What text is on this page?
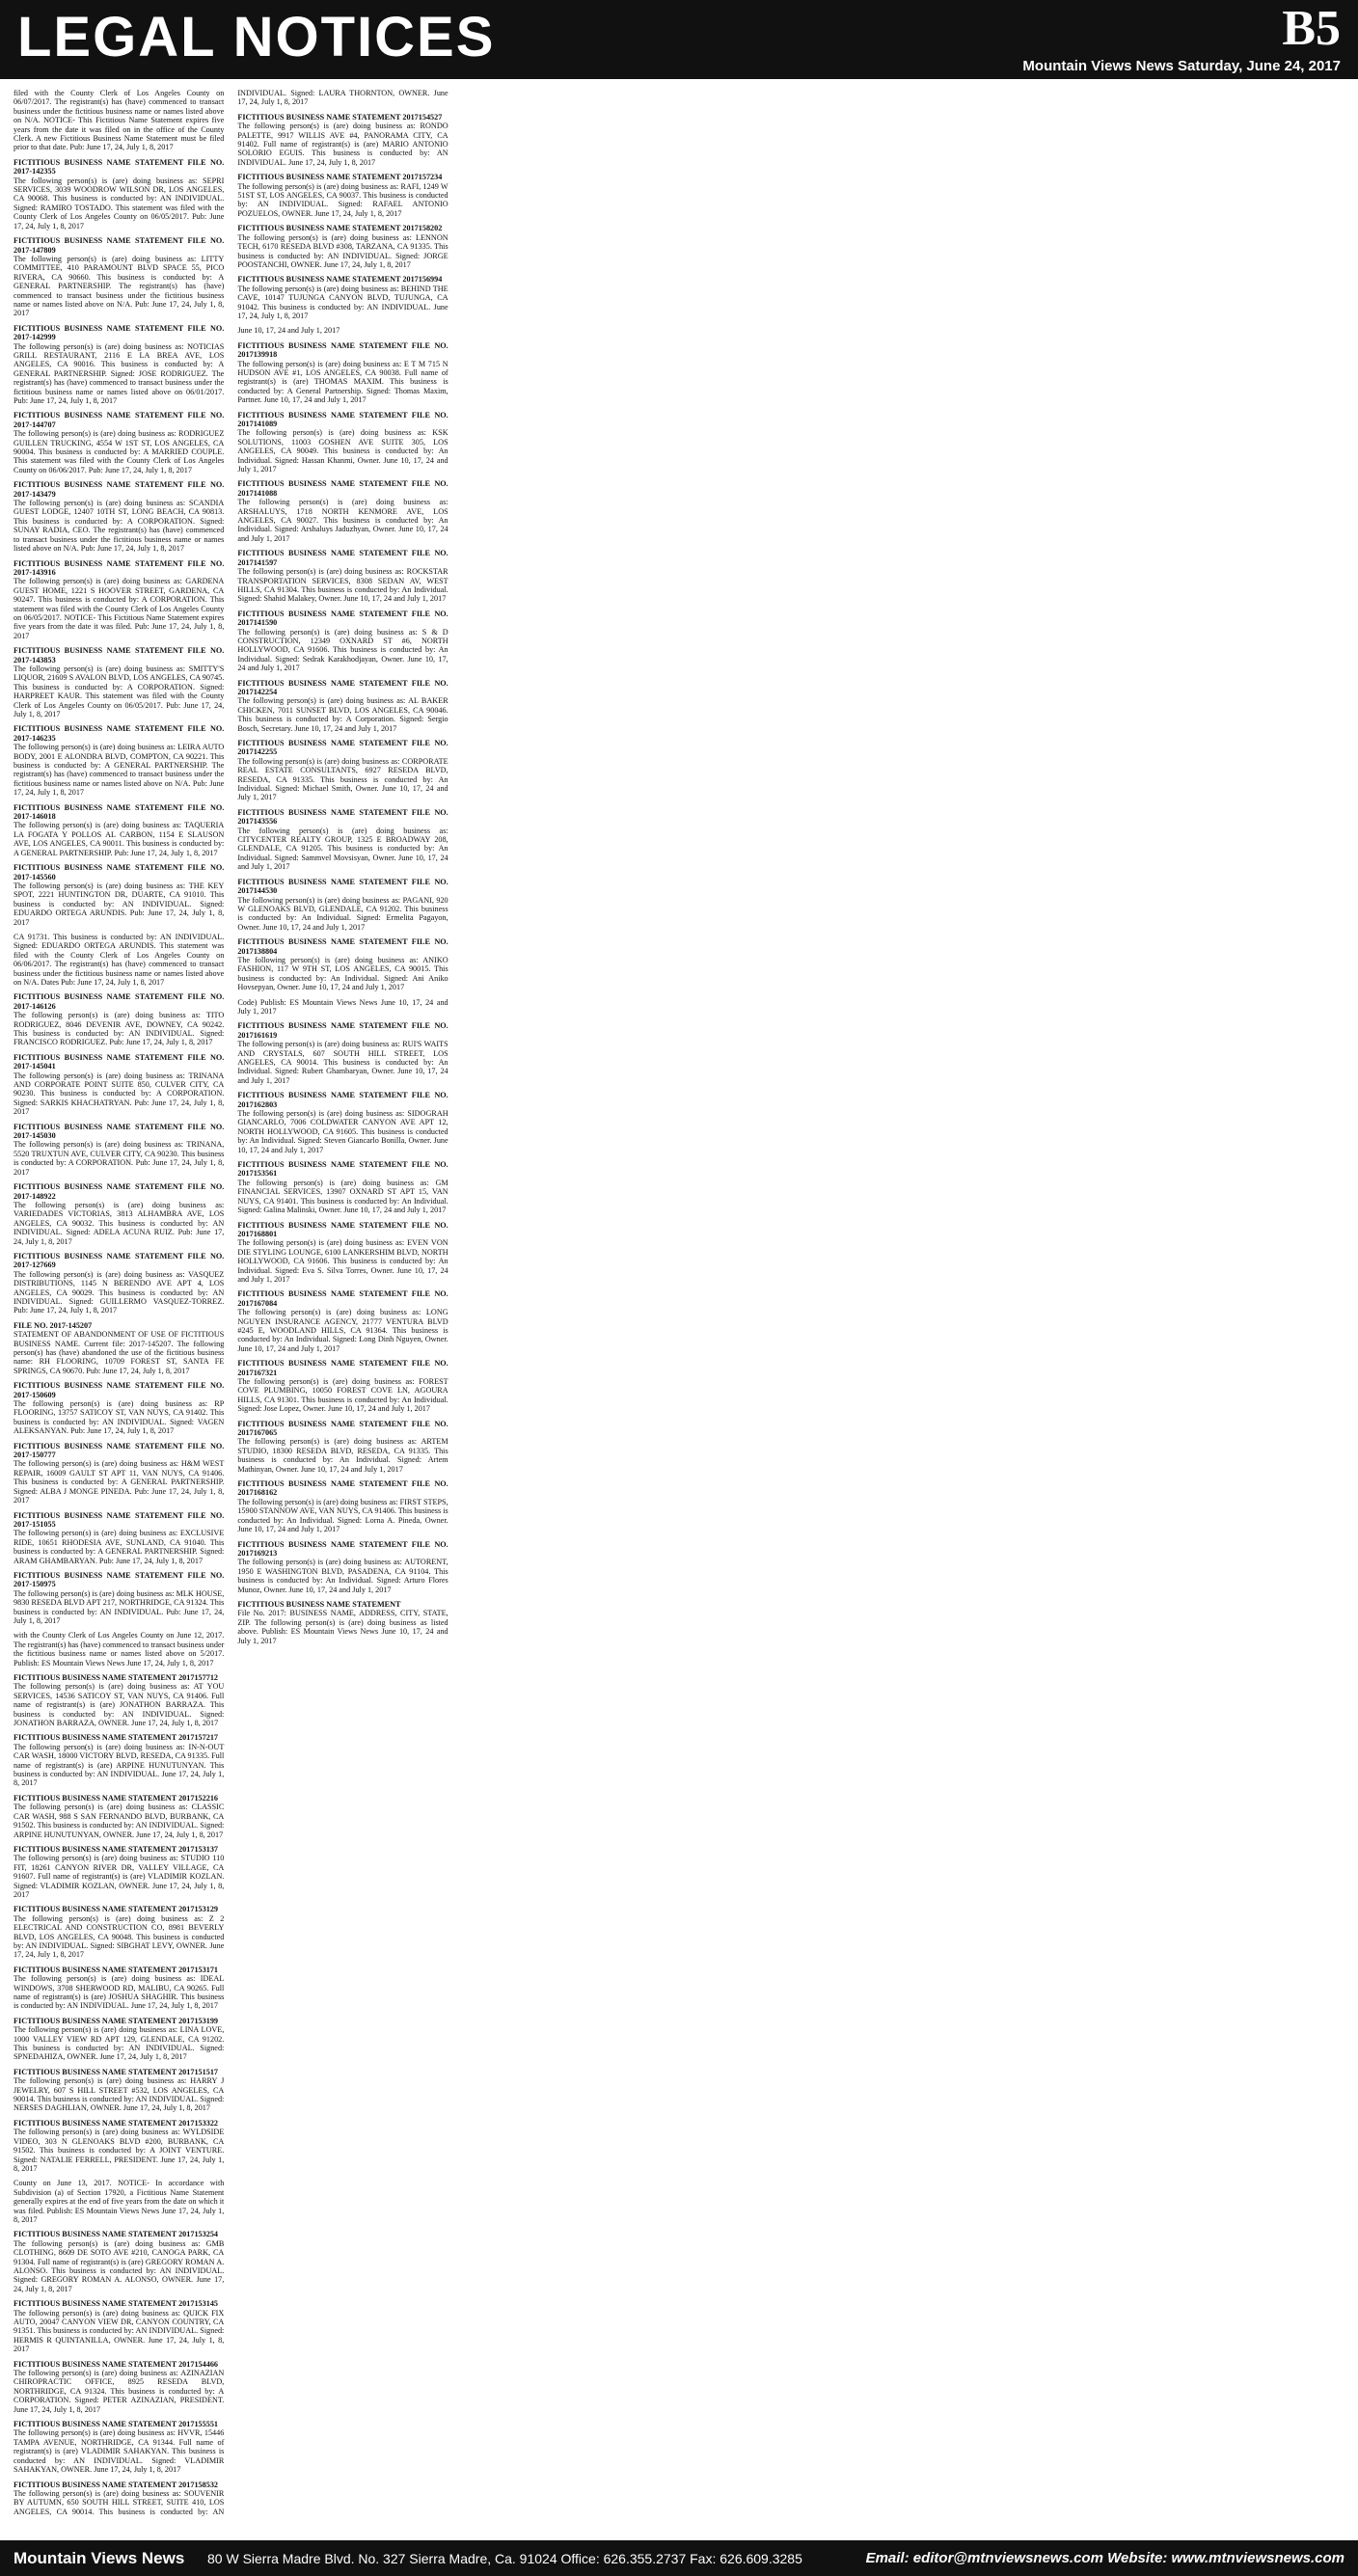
LEGAL NOTICES	B5
Mountain Views News Saturday, June 24, 2017

filed with the County Clerk of Los Angeles County on 06/07/2017. The registrant(s) has (have) commenced to transact business under the fictitious business name or names listed above on N/A. NOTICE- This Fictitious Name Statement expires five years from the date it was filed on in the office of the County Clerk. A new Fictitious Business Name Statement must be filed prior to that date. Pub: June 17, 24, July 1, 8, 2017

FICTITIOUS BUSINESS NAME STATEMENT FILE NO. 2017-142355

The following person(s) is (are) doing business as: SEPRI SERVICES, 3039 WOODROW WILSON DR, LOS ANGELES, CA 90068. This business is conducted by: AN INDIVIDUAL. Signed: RAMIRO TOSTADO. This statement was filed with the County Clerk of Los Angeles County on 06/05/2017. Pub: June 17, 24, July 1, 8, 2017

FICTITIOUS BUSINESS NAME STATEMENT FILE NO. 2017-147809

The following person(s) is (are) doing business as: LITTY COMMITTEE, 410 PARAMOUNT BLVD SPACE 55, PICO RIVERA, CA 90660. This business is conducted by: A GENERAL PARTNERSHIP. The registrant(s) has (have) commenced to transact business under the fictitious business name or names listed above on N/A. Pub: June 17, 24, July 1, 8, 2017

FICTITIOUS BUSINESS NAME STATEMENT FILE NO. 2017-142999

The following person(s) is (are) doing business as: NOTICIAS GRILL RESTAURANT, 2116 E LA BREA AVE, LOS ANGELES, CA 90016. This business is conducted by: A GENERAL PARTNERSHIP. Signed: JOSE RODRIGUEZ. The registrant(s) has (have) commenced to transact business under the fictitious business name or names listed above on 06/01/2017. Pub: June 17, 24, July 1, 8, 2017

FICTITIOUS BUSINESS NAME STATEMENT FILE NO. 2017-144707

The following person(s) is (are) doing business as: RODRIGUEZ GUILLEN TRUCKING, 4554 W 1ST ST, LOS ANGELES, CA 90004. This business is conducted by: A MARRIED COUPLE. This statement was filed with the County Clerk of Los Angeles County on 06/06/2017. Pub: June 17, 24, July 1, 8, 2017

FICTITIOUS BUSINESS NAME STATEMENT FILE NO. 2017-143479

The following person(s) is (are) doing business as: SCANDIA GUEST LODGE, 12407 10TH ST, LONG BEACH, CA 90813. This business is conducted by: A CORPORATION. Signed: SUNAY RADIA, CEO. The registrant(s) has (have) commenced to transact business under the fictitious business name or names listed above on N/A. Pub: June 17, 24, July 1, 8, 2017

FICTITIOUS BUSINESS NAME STATEMENT FILE NO. 2017-143916

The following person(s) is (are) doing business as: GARDENA GUEST HOME, 1221 S HOOVER STREET, GARDENA, CA 90247. This business is conducted by: A CORPORATION. This statement was filed with the County Clerk of Los Angeles County on 06/05/2017. NOTICE- This Fictitious Name Statement expires five years from the date it was filed. Pub: June 17, 24, July 1, 8, 2017

FICTITIOUS BUSINESS NAME STATEMENT FILE NO. 2017-143853

The following person(s) is (are) doing business as: SMITTY'S LIQUOR, 21609 S AVALON BLVD, LOS ANGELES, CA 90745. This business is conducted by: A CORPORATION. Signed: HARPREET KAUR. This statement was filed with the County Clerk of Los Angeles County on 06/05/2017. Pub: June 17, 24, July 1, 8, 2017

FICTITIOUS BUSINESS NAME STATEMENT FILE NO. 2017-146235

The following person(s) is (are) doing business as: LEIRA AUTO BODY, 2001 E ALONDRA BLVD, COMPTON, CA 90221. This business is conducted by: A GENERAL PARTNERSHIP. The registrant(s) has (have) commenced to transact business under the fictitious business name or names listed above on N/A. Pub: June 17, 24, July 1, 8, 2017

FICTITIOUS BUSINESS NAME STATEMENT FILE NO. 2017-146018

The following person(s) is (are) doing business as: TAQUERIA LA FOGATA Y POLLOS AL CARBON, 1154 E SLAUSON AVE, LOS ANGELES, CA 90011. This business is conducted by: A GENERAL PARTNERSHIP. Pub: June 17, 24, July 1, 8, 2017

FICTITIOUS BUSINESS NAME STATEMENT FILE NO. 2017-145560

The following person(s) is (are) doing business as: THE KEY SPOT, 2221 HUNTINGTON DR, DUARTE, CA 91010. This business is conducted by: AN INDIVIDUAL. Signed: EDUARDO ORTEGA ARUNDIS. Pub: June 17, 24, July 1, 8, 2017

CA 91731. This business is conducted by: AN INDIVIDUAL. Signed: EDUARDO ORTEGA ARUNDIS. This statement was filed with the County Clerk of Los Angeles County on 06/06/2017. The registrant(s) has (have) commenced to transact business under the fictitious business name or names listed above on N/A. Dates Pub: June 17, 24, July 1, 8, 2017

FICTITIOUS BUSINESS NAME STATEMENT FILE NO. 2017-146126

The following person(s) is (are) doing business as: TITO RODRIGUEZ, 8046 DEVENIR AVE, DOWNEY, CA 90242. This business is conducted by: AN INDIVIDUAL. Signed: FRANCISCO RODRIGUEZ. Pub: June 17, 24, July 1, 8, 2017

FICTITIOUS BUSINESS NAME STATEMENT FILE NO. 2017-145041

The following person(s) is (are) doing business as: TRINANA AND CORPORATE POINT SUITE 850, CULVER CITY, CA 90230. This business is conducted by: A CORPORATION. Signed: SARKIS KHACHATRYAN. Pub: June 17, 24, July 1, 8, 2017

FICTITIOUS BUSINESS NAME STATEMENT FILE NO. 2017-145030

The following person(s) is (are) doing business as: TRINANA, 5520 TRUXTUN AVE, CULVER CITY, CA 90230. This business is conducted by: A CORPORATION. Pub: June 17, 24, July 1, 8, 2017

FICTITIOUS BUSINESS NAME STATEMENT FILE NO. 2017-148922

The following person(s) is (are) doing business as: VARIEDADES VICTORIAS, 3813 ALHAMBRA AVE, LOS ANGELES, CA 90032. This business is conducted by: AN INDIVIDUAL. Signed: ADELA ACUNA RUIZ. Pub: June 17, 24, July 1, 8, 2017

FICTITIOUS BUSINESS NAME STATEMENT FILE NO. 2017-127669

The following person(s) is (are) doing business as: VASQUEZ DISTRIBUTIONS, 1145 N BERENDO AVE APT 4, LOS ANGELES, CA 90029. This business is conducted by: AN INDIVIDUAL. Signed: GUILLERMO VASQUEZ-TORREZ. Pub: June 17, 24, July 1, 8, 2017

FILE NO. 2017-145207

STATEMENT OF ABANDONMENT OF USE OF FICTITIOUS BUSINESS NAME. Current file: 2017-145207. The following person(s) has (have) abandoned the use of the fictitious business name: RH FLOORING, 10709 FOREST ST, SANTA FE SPRINGS, CA 90670. Pub: June 17, 24, July 1, 8, 2017

FICTITIOUS BUSINESS NAME STATEMENT FILE NO. 2017-150609

The following person(s) is (are) doing business as: RP FLOORING, 13757 SATICOY ST, VAN NUYS, CA 91402. This business is conducted by: AN INDIVIDUAL. Signed: VAGEN ALEKSANYAN. Pub: June 17, 24, July 1, 8, 2017

FICTITIOUS BUSINESS NAME STATEMENT FILE NO. 2017-150777

The following person(s) is (are) doing business as: H&M WEST REPAIR, 16009 GAULT ST APT 11, VAN NUYS, CA 91406. This business is conducted by: A GENERAL PARTNERSHIP. Signed: ALBA J MONGE PINEDA. Pub: June 17, 24, July 1, 8, 2017

FICTITIOUS BUSINESS NAME STATEMENT FILE NO. 2017-151055

The following person(s) is (are) doing business as: EXCLUSIVE RIDE, 10651 RHODESIA AVE, SUNLAND, CA 91040. This business is conducted by: A GENERAL PARTNERSHIP. Signed: ARAM GHAMBARYAN. Pub: June 17, 24, July 1, 8, 2017

FICTITIOUS BUSINESS NAME STATEMENT FILE NO. 2017-150975

The following person(s) is (are) doing business as: MLK HOUSE, 9830 RESEDA BLVD APT 217, NORTHRIDGE, CA 91324. This business is conducted by: AN INDIVIDUAL. Pub: June 17, 24, July 1, 8, 2017

with the County Clerk of Los Angeles County on June 12, 2017. The registrant(s) has (have) commenced to transact business under the fictitious business name or names listed above on 5/2017. Publish: ES Mountain Views News June 17, 24, July 1, 8, 2017

FICTITIOUS BUSINESS NAME STATEMENT 2017157712

The following person(s) is (are) doing business as: AT YOU SERVICES, 14536 SATICOY ST, VAN NUYS, CA 91406. Full name of registrant(s) is (are) JONATHON BARRAZA. This business is conducted by: AN INDIVIDUAL. Signed: JONATHON BARRAZA, OWNER. June 17, 24, July 1, 8, 2017

FICTITIOUS BUSINESS NAME STATEMENT 2017157217

The following person(s) is (are) doing business as: IN-N-OUT CAR WASH, 18000 VICTORY BLVD, RESEDA, CA 91335. Full name of registrant(s) is (are) ARPINE HUNUTUNYAN. This business is conducted by: AN INDIVIDUAL. June 17, 24, July 1, 8, 2017

FICTITIOUS BUSINESS NAME STATEMENT 2017152216

The following person(s) is (are) doing business as: CLASSIC CAR WASH, 988 S SAN FERNANDO BLVD, BURBANK, CA 91502. This business is conducted by: AN INDIVIDUAL. Signed: ARPINE HUNUTUNYAN, OWNER. June 17, 24, July 1, 8, 2017

FICTITIOUS BUSINESS NAME STATEMENT 2017153137

The following person(s) is (are) doing business as: STUDIO 110 FIT, 18261 CANYON RIVER DR, VALLEY VILLAGE, CA 91607. Full name of registrant(s) is (are) VLADIMIR KOZLAN. Signed: VLADIMIR KOZLAN, OWNER. June 17, 24, July 1, 8, 2017

FICTITIOUS BUSINESS NAME STATEMENT 2017153129

The following person(s) is (are) doing business as: Z 2 ELECTRICAL AND CONSTRUCTION CO, 8981 BEVERLY BLVD, LOS ANGELES, CA 90048. This business is conducted by: AN INDIVIDUAL. Signed: SIBGHAT LEVY, OWNER. June 17, 24, July 1, 8, 2017

FICTITIOUS BUSINESS NAME STATEMENT 2017153171

The following person(s) is (are) doing business as: IDEAL WINDOWS, 3708 SHERWOOD RD, MALIBU, CA 90265. Full name of registrant(s) is (are) JOSHUA SHAGHIR. This business is conducted by: AN INDIVIDUAL. June 17, 24, July 1, 8, 2017

FICTITIOUS BUSINESS NAME STATEMENT 2017153199

The following person(s) is (are) doing business as: LINA LOVE, 1000 VALLEY VIEW RD APT 129, GLENDALE, CA 91202. This business is conducted by: AN INDIVIDUAL. Signed: SPNEDAHIZA, OWNER. June 17, 24, July 1, 8, 2017

FICTITIOUS BUSINESS NAME STATEMENT 2017151517

The following person(s) is (are) doing business as: HARRY J JEWELRY, 607 S HILL STREET #532, LOS ANGELES, CA 90014. This business is conducted by: AN INDIVIDUAL. Signed: NERSES DAGHLIAN, OWNER. June 17, 24, July 1, 8, 2017

FICTITIOUS BUSINESS NAME STATEMENT 2017153322

The following person(s) is (are) doing business as: WYLDSIDE VIDEO, 303 N GLENOAKS BLVD #200, BURBANK, CA 91502. This business is conducted by: A JOINT VENTURE. Signed: NATALIE FERRELL, PRESIDENT. June 17, 24, July 1, 8, 2017

County on June 13, 2017. NOTICE- In accordance with Subdivision (a) of Section 17920, a Fictitious Name Statement generally expires at the end of five years from the date on which it was filed. Publish: ES Mountain Views News June 17, 24, July 1, 8, 2017

FICTITIOUS BUSINESS NAME STATEMENT 2017153254

The following person(s) is (are) doing business as: GMB CLOTHING, 8609 DE SOTO AVE #210, CANOGA PARK, CA 91304. Full name of registrant(s) is (are) GREGORY ROMAN A. ALONSO. This business is conducted by: AN INDIVIDUAL. Signed: GREGORY ROMAN A. ALONSO, OWNER. June 17, 24, July 1, 8, 2017

FICTITIOUS BUSINESS NAME STATEMENT 2017153145

The following person(s) is (are) doing business as: QUICK FIX AUTO, 20047 CANYON VIEW DR, CANYON COUNTRY, CA 91351. This business is conducted by: AN INDIVIDUAL. Signed: HERMIS R QUINTANILLA, OWNER. June 17, 24, July 1, 8, 2017

FICTITIOUS BUSINESS NAME STATEMENT 2017154466

The following person(s) is (are) doing business as: AZINAZIAN CHIROPRACTIC OFFICE, 8925 RESEDA BLVD, NORTHRIDGE, CA 91324. This business is conducted by: A CORPORATION. Signed: PETER AZINAZIAN, PRESIDENT. June 17, 24, July 1, 8, 2017

FICTITIOUS BUSINESS NAME STATEMENT 2017155551

The following person(s) is (are) doing business as: HVVR, 15446 TAMPA AVENUE, NORTHRIDGE, CA 91344. Full name of registrant(s) is (are) VLADIMIR SAHAKYAN. This business is conducted by: AN INDIVIDUAL. Signed: VLADIMIR SAHAKYAN, OWNER. June 17, 24, July 1, 8, 2017

FICTITIOUS BUSINESS NAME STATEMENT 2017158532

The following person(s) is (are) doing business as: SOUVENIR BY AUTUMN, 650 SOUTH HILL STREET, SUITE 410, LOS ANGELES, CA 90014. This business is conducted by: AN INDIVIDUAL. Signed: LAURA THORNTON, OWNER. June 17, 24, July 1, 8, 2017

FICTITIOUS BUSINESS NAME STATEMENT 2017154527

The following person(s) is (are) doing business as: RONDO PALETTE, 9917 WILLIS AVE #4, PANORAMA CITY, CA 91402. Full name of registrant(s) is (are) MARIO ANTONIO SOLORIO EGUIS. This business is conducted by: AN INDIVIDUAL. June 17, 24, July 1, 8, 2017

FICTITIOUS BUSINESS NAME STATEMENT 2017157234

The following person(s) is (are) doing business as: RAFI, 1249 W 51ST ST, LOS ANGELES, CA 90037. This business is conducted by: AN INDIVIDUAL. Signed: RAFAEL ANTONIO POZUELOS, OWNER. June 17, 24, July 1, 8, 2017

FICTITIOUS BUSINESS NAME STATEMENT 2017158202

The following person(s) is (are) doing business as: LENNON TECH, 6170 RESEDA BLVD #308, TARZANA, CA 91335. This business is conducted by: AN INDIVIDUAL. Signed: JORGE POOSTANCHI, OWNER. June 17, 24, July 1, 8, 2017

FICTITIOUS BUSINESS NAME STATEMENT 2017156994

The following person(s) is (are) doing business as: BEHIND THE CAVE, 10147 TUJUNGA CANYON BLVD, TUJUNGA, CA 91042. This business is conducted by: AN INDIVIDUAL. June 17, 24, July 1, 8, 2017

June 10, 17, 24 and July 1, 2017

FICTITIOUS BUSINESS NAME STATEMENT FILE NO. 2017139918

The following person(s) is (are) doing business as: E T M 715 N HUDSON AVE #1, LOS ANGELES, CA 90038. Full name of registrant(s) is (are) THOMAS MAXIM. This business is conducted by: A General Partnership. Signed: Thomas Maxim, Partner. June 10, 17, 24 and July 1, 2017

FICTITIOUS BUSINESS NAME STATEMENT FILE NO. 2017141089

The following person(s) is (are) doing business as: KSK SOLUTIONS, 11003 GOSHEN AVE SUITE 305, LOS ANGELES, CA 90049. This business is conducted by: An Individual. Signed: Hassan Khanmi, Owner. June 10, 17, 24 and July 1, 2017

FICTITIOUS BUSINESS NAME STATEMENT FILE NO. 2017141088

The following person(s) is (are) doing business as: ARSHALUYS, 1718 NORTH KENMORE AVE, LOS ANGELES, CA 90027. This business is conducted by: An Individual. Signed: Arshaluys Jaduzhyan, Owner. June 10, 17, 24 and July 1, 2017

FICTITIOUS BUSINESS NAME STATEMENT FILE NO. 2017141597

The following person(s) is (are) doing business as: ROCKSTAR TRANSPORTATION SERVICES, 8308 SEDAN AV, WEST HILLS, CA 91304. This business is conducted by: An Individual. Signed: Shahid Malakey, Owner. June 10, 17, 24 and July 1, 2017

FICTITIOUS BUSINESS NAME STATEMENT FILE NO. 2017141590

The following person(s) is (are) doing business as: S & D CONSTRUCTION, 12349 OXNARD ST #6, NORTH HOLLYWOOD, CA 91606. This business is conducted by: An Individual. Signed: Sedrak Karakhodjayan, Owner. June 10, 17, 24 and July 1, 2017

FICTITIOUS BUSINESS NAME STATEMENT FILE NO. 2017142254

The following person(s) is (are) doing business as: AL BAKER CHICKEN, 7011 SUNSET BLVD, LOS ANGELES, CA 90046. This business is conducted by: A Corporation. Signed: Sergio Bosch, Secretary. June 10, 17, 24 and July 1, 2017

FICTITIOUS BUSINESS NAME STATEMENT FILE NO. 2017142255

The following person(s) is (are) doing business as: CORPORATE REAL ESTATE CONSULTANTS, 6927 RESEDA BLVD, RESEDA, CA 91335. This business is conducted by: An Individual. Signed: Michael Smith, Owner. June 10, 17, 24 and July 1, 2017

FICTITIOUS BUSINESS NAME STATEMENT FILE NO. 2017143556

The following person(s) is (are) doing business as: CITYCENTER REALTY GROUP, 1325 E BROADWAY 208, GLENDALE, CA 91205. This business is conducted by: An Individual. Signed: Sammvel Movsisyan, Owner. June 10, 17, 24 and July 1, 2017

FICTITIOUS BUSINESS NAME STATEMENT FILE NO. 2017144530

The following person(s) is (are) doing business as: PAGANI, 920 W GLENOAKS BLVD, GLENDALE, CA 91202. This business is conducted by: An Individual. Signed: Ermelita Pagayon, Owner. June 10, 17, 24 and July 1, 2017

FICTITIOUS BUSINESS NAME STATEMENT FILE NO. 2017138804

The following person(s) is (are) doing business as: ANIKO FASHION, 117 W 9TH ST, LOS ANGELES, CA 90015. This business is conducted by: An Individual. Signed: Ani Aniko Hovsepyan, Owner. June 10, 17, 24 and July 1, 2017

Code) Publish: ES Mountain Views News June 10, 17, 24 and July 1, 2017

FICTITIOUS BUSINESS NAME STATEMENT FILE NO. 2017161619

The following person(s) is (are) doing business as: RUI'S WAITS AND CRYSTALS, 607 SOUTH HILL STREET, LOS ANGELES, CA 90014. This business is conducted by: An Individual. Signed: Rubert Ghambaryan, Owner. June 10, 17, 24 and July 1, 2017

FICTITIOUS BUSINESS NAME STATEMENT FILE NO. 2017162803

The following person(s) is (are) doing business as: SIDOGRAH GIANCARLO, 7006 COLDWATER CANYON AVE APT 12, NORTH HOLLYWOOD, CA 91605. This business is conducted by: An Individual. Signed: Steven Giancarlo Bonilla, Owner. June 10, 17, 24 and July 1, 2017

FICTITIOUS BUSINESS NAME STATEMENT FILE NO. 2017153561

The following person(s) is (are) doing business as: GM FINANCIAL SERVICES, 13907 OXNARD ST APT 15, VAN NUYS, CA 91401. This business is conducted by: An Individual. Signed: Galina Malinski, Owner. June 10, 17, 24 and July 1, 2017

FICTITIOUS BUSINESS NAME STATEMENT FILE NO. 2017168801

The following person(s) is (are) doing business as: EVEN VON DIE STYLING LOUNGE, 6100 LANKERSHIM BLVD, NORTH HOLLYWOOD, CA 91606. This business is conducted by: An Individual. Signed: Eva S. Silva Torres, Owner. June 10, 17, 24 and July 1, 2017

FICTITIOUS BUSINESS NAME STATEMENT FILE NO. 2017167084

The following person(s) is (are) doing business as: LONG NGUYEN INSURANCE AGENCY, 21777 VENTURA BLVD #245 E, WOODLAND HILLS, CA 91364. This business is conducted by: An Individual. Signed: Long Dinh Nguyen, Owner. June 10, 17, 24 and July 1, 2017

FICTITIOUS BUSINESS NAME STATEMENT FILE NO. 2017167321

The following person(s) is (are) doing business as: FOREST COVE PLUMBING, 10050 FOREST COVE LN, AGOURA HILLS, CA 91301. This business is conducted by: An Individual. Signed: Jose Lopez, Owner. June 10, 17, 24 and July 1, 2017

FICTITIOUS BUSINESS NAME STATEMENT FILE NO. 2017167065

The following person(s) is (are) doing business as: ARTEM STUDIO, 18300 RESEDA BLVD, RESEDA, CA 91335. This business is conducted by: An Individual. Signed: Artem Mathinyan, Owner. June 10, 17, 24 and July 1, 2017

FICTITIOUS BUSINESS NAME STATEMENT FILE NO. 2017168162

The following person(s) is (are) doing business as: FIRST STEPS, 15900 STANNOW AVE, VAN NUYS, CA 91406. This business is conducted by: An Individual. Signed: Lorna A. Pineda, Owner. June 10, 17, 24 and July 1, 2017

FICTITIOUS BUSINESS NAME STATEMENT FILE NO. 2017169213

The following person(s) is (are) doing business as: AUTORENT, 1950 E WASHINGTON BLVD, PASADENA, CA 91104. This business is conducted by: An Individual. Signed: Arturo Flores Munoz, Owner. June 10, 17, 24 and July 1, 2017

FICTITIOUS BUSINESS NAME STATEMENT

File No. 2017: BUSINESS NAME, ADDRESS, CITY, STATE, ZIP. The following person(s) is (are) doing business as listed above. Publish: ES Mountain Views News June 10, 17, 24 and July 1, 2017

Mountain Views News 80 W Sierra Madre Blvd. No. 327 Sierra Madre, Ca. 91024 Office: 626.355.2737 Fax: 626.609.3285	Email: editor@mtnviewsnews.com Website: www.mtnviewsnews.com
